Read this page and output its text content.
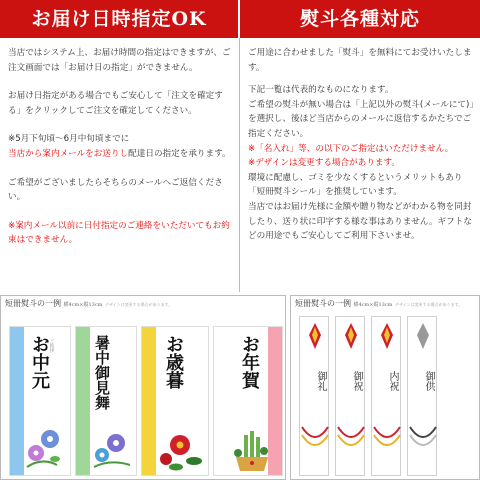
お届け日時指定OK

当店ではシステム上、お届け時間の指定はできますが、ご注文画面では「お届け日の指定」ができません。

お届け日指定がある場合でもご安心して「注文を確定する」をクリックしてご注文を確定してください。

※5月下旬頃～6月中旬頃までに

当店から案内メールをお送りし配達日の指定を承ります。

ご希望がございましたらそちらのメールへご返信ください。

※案内メール以前に日付指定のご連絡をいただいてもお約束はできません。

熨斗各種対応

ご用途に合わせました「熨斗」を無料にてお受けいたします。

下記一覧は代表的なものになります。

ご希望の熨斗が無い場合は「上記以外の熨斗(メールにて)」を選択し、後ほど当店からのメールに返信するかたちでご指定ください。

※「名入れ」等、の以下のご指定はいただけません。

※デザインは変更する場合があります。

環境に配慮し、ゴミを少なくするというメリットもあり「短冊熨斗シール」を推奨しています。

当店ではお届け先様に金額や贈り物などがわかる物を同封したり、送り状に印字する様な事はありません。ギフトなどの用途でもご安心してご利用下さいませ。

短冊熨斗の一例 横4cm×縦13cm デザインは変更する場合があります。
お中元 ご挨拶	暑中御見舞	お歳暮	お年賀
短冊熨斗の一例 横4cm×縦13cm デザインは変更する場合があります。
御礼	御祝	内祝	御供
